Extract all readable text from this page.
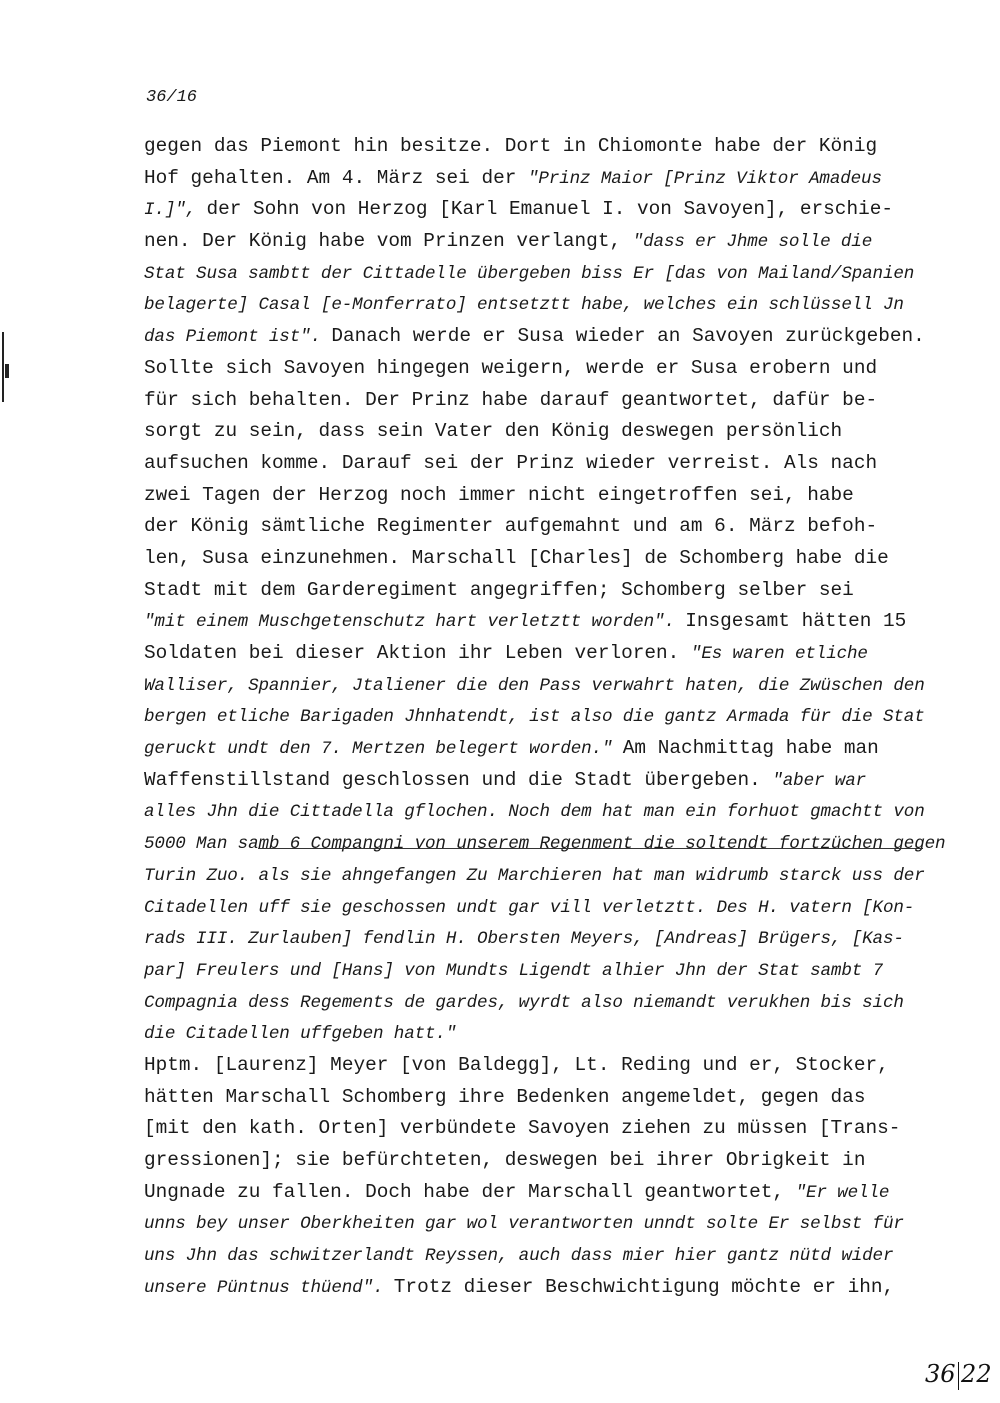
36/16
gegen das Piemont hin besitze. Dort in Chiomonte habe der König
Hof gehalten. Am 4. März sei der "Prinz Maior [Prinz Viktor Amadeus
I.]", der Sohn von Herzog [Karl Emanuel I. von Savoyen], erschie-
nen. Der König habe vom Prinzen verlangt, "dass er Jhme solle die
Stat Susa sambtt der Cittadelle übergeben biss Er [das von Mailand/Spanien
belagerte] Casal [e-Monferrato] entsetztt habe, welches ein schlüssell Jn
das Piemont ist". Danach werde er Susa wieder an Savoyen zurückgeben.
Sollte sich Savoyen hingegen weigern, werde er Susa erobern und
für sich behalten. Der Prinz habe darauf geantwortet, dafür be-
sorgt zu sein, dass sein Vater den König deswegen persönlich
aufsuchen komme. Darauf sei der Prinz wieder verreist. Als nach
zwei Tagen der Herzog noch immer nicht eingetroffen sei, habe
der König sämtliche Regimenter aufgemahnt und am 6. März befoh-
len, Susa einzunehmen. Marschall [Charles] de Schomberg habe die
Stadt mit dem Garderegiment angegriffen; Schomberg selber sei
"mit einem Muschgetenschutz hart verletztt worden". Insgesamt hätten 15
Soldaten bei dieser Aktion ihr Leben verloren. "Es waren etliche
Walliser, Spannier, Jtaliener die den Pass verwahrt haten, die Zwüschen den
bergen etliche Barigaden Jhnhatendt, ist also die gantz Armada für die Stat
geruckt undt den 7. Mertzen belegert worden." Am Nachmittag habe man
Waffenstillstand geschlossen und die Stadt übergeben. "aber war
alles Jhn die Cittadella gflochen. Noch dem hat man ein forhuot gmachtt von
5000 Man samb 6 Compangni von unserem Regenment die soltendt fortzüchen gegen
Turin Zuo. als sie ahngefangen Zu Marchieren hat man widrumb starck uss der
Citadellen uff sie geschossen undt gar vill verletztt. Des H. vatern [Kon-
rads III. Zurlauben] fendlin H. Obersten Meyers, [Andreas] Brügers, [Kas-
par] Freulers und [Hans] von Mundts Ligendt alhier Jhn der Stat sambt 7
Compagnia dess Regements de gardes, wyrdt also niemandt verukhen bis sich
die Citadellen uffgeben hatt."
Hptm. [Laurenz] Meyer [von Baldegg], Lt. Reding und er, Stocker,
hätten Marschall Schomberg ihre Bedenken angemeldet, gegen das
[mit den kath. Orten] verbündete Savoyen ziehen zu müssen [Trans-
gressionen]; sie befürchteten, deswegen bei ihrer Obrigkeit in
Ungnade zu fallen. Doch habe der Marschall geantwortet, "Er welle
unns bey unser Oberkheiten gar wol verantworten unndt solte Er selbst für
uns Jhn das schwitzerlandt Reyssen, auch dass mier hier gantz nütd wider
unsere Püntnus thüend". Trotz dieser Beschwichtigung möchte er ihn,
36 22
